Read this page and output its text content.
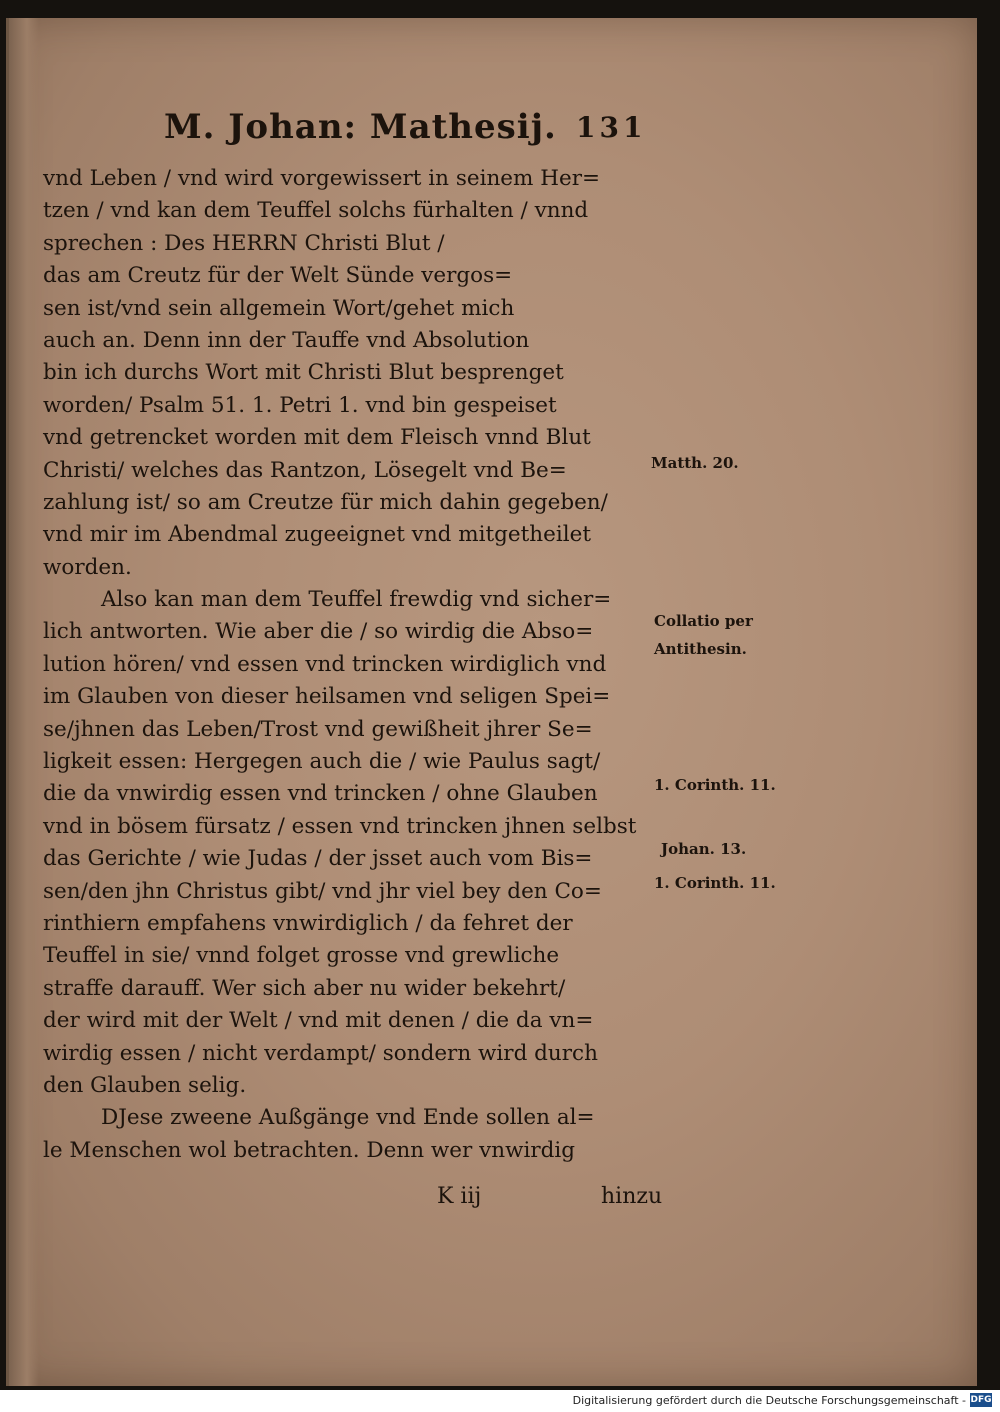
M. Johan: Mathesij. 131
vnd Leben / vnd wird vorgewissert in seinem Her=
tzen / vnd kan dem Teuffel solchs fürhalten / vnnd
sprechen : Des HERRN Christi Blut /
das am Creutz für der Welt Sünde vergos=
sen ist/vnd sein allgemein Wort/gehet mich
auch an. Denn inn der Tauffe vnd Absolution
bin ich durchs Wort mit Christi Blut besprenget
worden/ Psalm 51. 1. Petri 1. vnd bin gespeiset
vnd getrencket worden mit dem Fleisch vnnd Blut
Christi/ welches das Rantzon, Lösegelt vnd Be=
zahlung ist/ so am Creutze für mich dahin gegeben/
vnd mir im Abendmal zugeeignet vnd mitgetheilet
worden.
Also kan man dem Teuffel frewdig vnd sicher=
lich antworten. Wie aber die / so wirdig die Abso=
lution hören/ vnd essen vnd trincken wirdiglich vnd
im Glauben von dieser heilsamen vnd seligen Spei=
se/jhnen das Leben/Trost vnd gewißheit jhrer Se=
ligkeit essen: Hergegen auch die / wie Paulus sagt/
die da vnwirdig essen vnd trincken / ohne Glauben
vnd in bösem fürsatz / essen vnd trincken jhnen selbst
das Gerichte / wie Judas / der jsset auch vom Bis=
sen/den jhn Christus gibt/ vnd jhr viel bey den Co=
rinthiern empfahens vnwirdiglich / da fehret der
Teuffel in sie/ vnnd folget grosse vnd grewliche
straffe darauff. Wer sich aber nu wider bekehrt/
der wird mit der Welt / vnd mit denen / die da vn=
wirdig essen / nicht verdampt/ sondern wird durch
den Glauben selig.
DJese zweene Außgänge vnd Ende sollen al=
le Menschen wol betrachten. Denn wer vnwirdig
Matth. 20.
Collatio per
Antithesin.
1. Corinth. 11.
Johan. 13.
1. Corinth. 11.
K iij	hinzu
Digitalisierung gefördert durch die Deutsche Forschungsgemeinschaft - DFG
